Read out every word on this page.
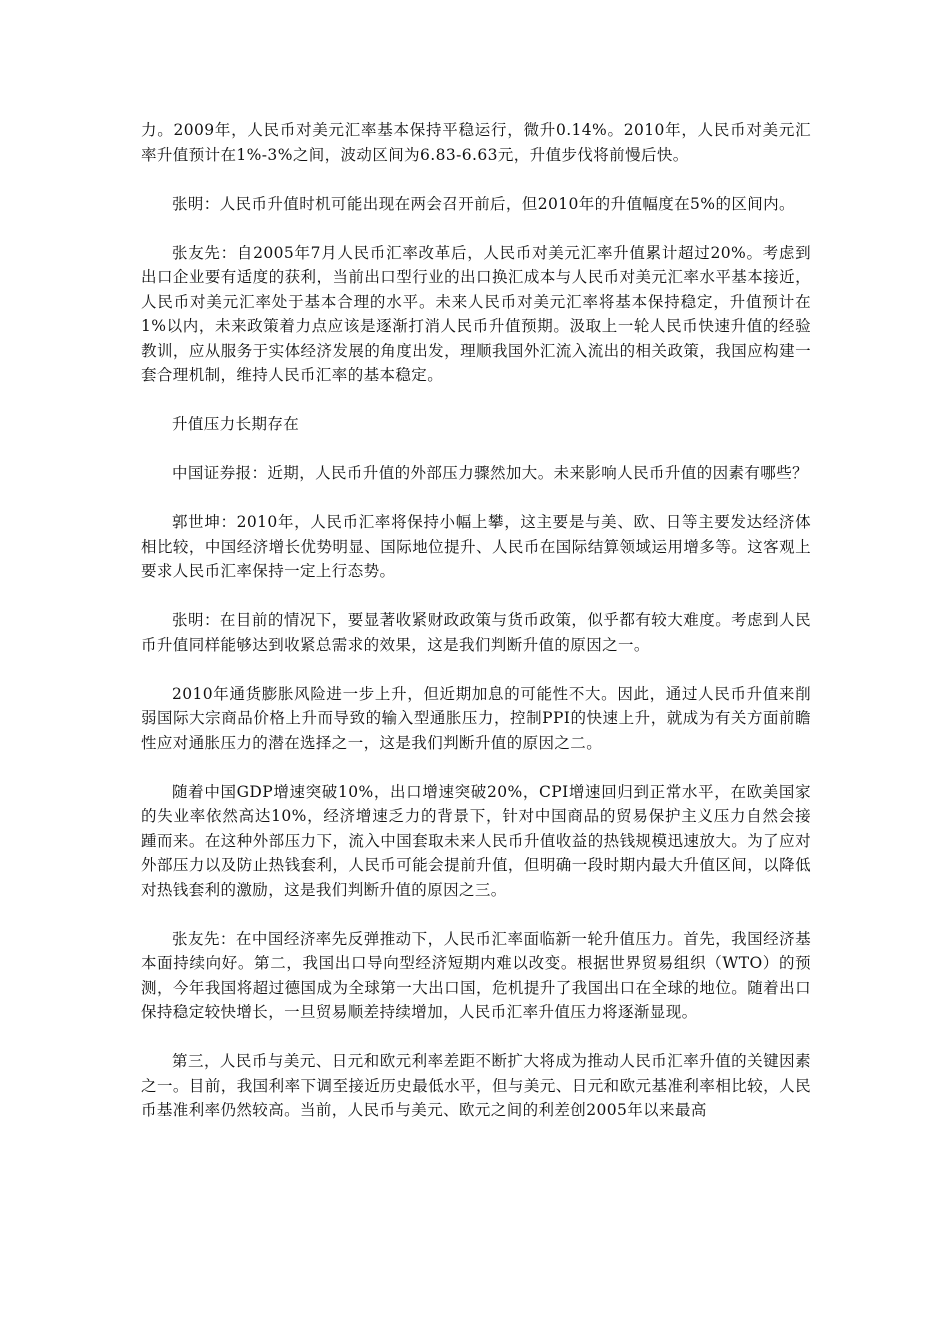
力。2009年，人民币对美元汇率基本保持平稳运行，微升0.14%。2010年，人民币对美元汇率升值预计在1%-3%之间，波动区间为6.83-6.63元，升值步伐将前慢后快。

张明：人民币升值时机可能出现在两会召开前后，但2010年的升值幅度在5%的区间内。

张友先：自2005年7月人民币汇率改革后，人民币对美元汇率升值累计超过20%。考虑到出口企业要有适度的获利，当前出口型行业的出口换汇成本与人民币对美元汇率水平基本接近，人民币对美元汇率处于基本合理的水平。未来人民币对美元汇率将基本保持稳定，升值预计在1%以内，未来政策着力点应该是逐渐打消人民币升值预期。汲取上一轮人民币快速升值的经验教训，应从服务于实体经济发展的角度出发，理顺我国外汇流入流出的相关政策，我国应构建一套合理机制，维持人民币汇率的基本稳定。

升值压力长期存在

中国证券报：近期，人民币升值的外部压力骤然加大。未来影响人民币升值的因素有哪些？

郭世坤：2010年，人民币汇率将保持小幅上攀，这主要是与美、欧、日等主要发达经济体相比较，中国经济增长优势明显、国际地位提升、人民币在国际结算领域运用增多等。这客观上要求人民币汇率保持一定上行态势。

张明：在目前的情况下，要显著收紧财政政策与货币政策，似乎都有较大难度。考虑到人民币升值同样能够达到收紧总需求的效果，这是我们判断升值的原因之一。

2010年通货膨胀风险进一步上升，但近期加息的可能性不大。因此，通过人民币升值来削弱国际大宗商品价格上升而导致的输入型通胀压力，控制PPI的快速上升，就成为有关方面前瞻性应对通胀压力的潜在选择之一，这是我们判断升值的原因之二。

随着中国GDP增速突破10%，出口增速突破20%，CPI增速回归到正常水平，在欧美国家的失业率依然高达10%，经济增速乏力的背景下，针对中国商品的贸易保护主义压力自然会接踵而来。在这种外部压力下，流入中国套取未来人民币升值收益的热钱规模迅速放大。为了应对外部压力以及防止热钱套利，人民币可能会提前升值，但明确一段时期内最大升值区间，以降低对热钱套利的激励，这是我们判断升值的原因之三。

张友先：在中国经济率先反弹推动下，人民币汇率面临新一轮升值压力。首先，我国经济基本面持续向好。第二，我国出口导向型经济短期内难以改变。根据世界贸易组织（WTO）的预测，今年我国将超过德国成为全球第一大出口国，危机提升了我国出口在全球的地位。随着出口保持稳定较快增长，一旦贸易顺差持续增加，人民币汇率升值压力将逐渐显现。

第三，人民币与美元、日元和欧元利率差距不断扩大将成为推动人民币汇率升值的关键因素之一。目前，我国利率下调至接近历史最低水平，但与美元、日元和欧元基准利率相比较，人民币基准利率仍然较高。当前，人民币与美元、欧元之间的利差创2005年以来最高
